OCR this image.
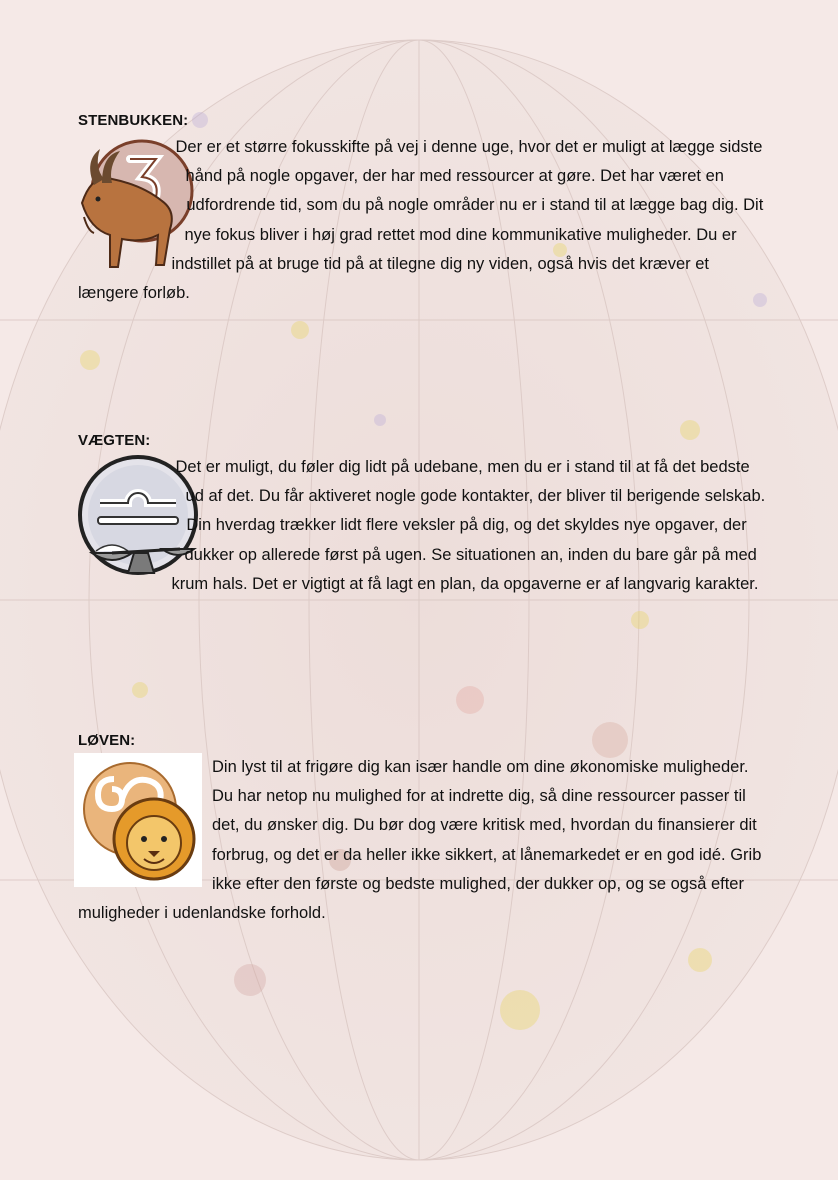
STENBUKKEN:

Der er et større fokusskifte på vej i denne uge, hvor det er muligt at lægge sidste hånd på nogle opgaver, der har med ressourcer at gøre. Det har været en udfordrende tid, som du på nogle områder nu er i stand til at lægge bag dig. Dit nye fokus bliver i høj grad rettet mod dine kommunikative muligheder. Du er indstillet på at bruge tid på at tilegne dig ny viden, også hvis det kræver et længere forløb.

VÆGTEN:

Det er muligt, du føler dig lidt på udebane, men du er i stand til at få det bedste ud af det. Du får aktiveret nogle gode kontakter, der bliver til berigende selskab. Din hverdag trækker lidt flere veksler på dig, og det skyldes nye opgaver, der dukker op allerede først på ugen. Se situationen an, inden du bare går på med krum hals. Det er vigtigt at få lagt en plan, da opgaverne er af langvarig karakter.

LØVEN:

Din lyst til at frigøre dig kan især handle om dine økonomiske muligheder. Du har netop nu mulighed for at indrette dig, så dine ressourcer passer til det, du ønsker dig. Du bør dog være kritisk med, hvordan du finansierer dit forbrug, og det er da heller ikke sikkert, at lånemarkedet er en god idé. Grib ikke efter den første og bedste mulighed, der dukker op, og se også efter muligheder i udenlandske forhold.
